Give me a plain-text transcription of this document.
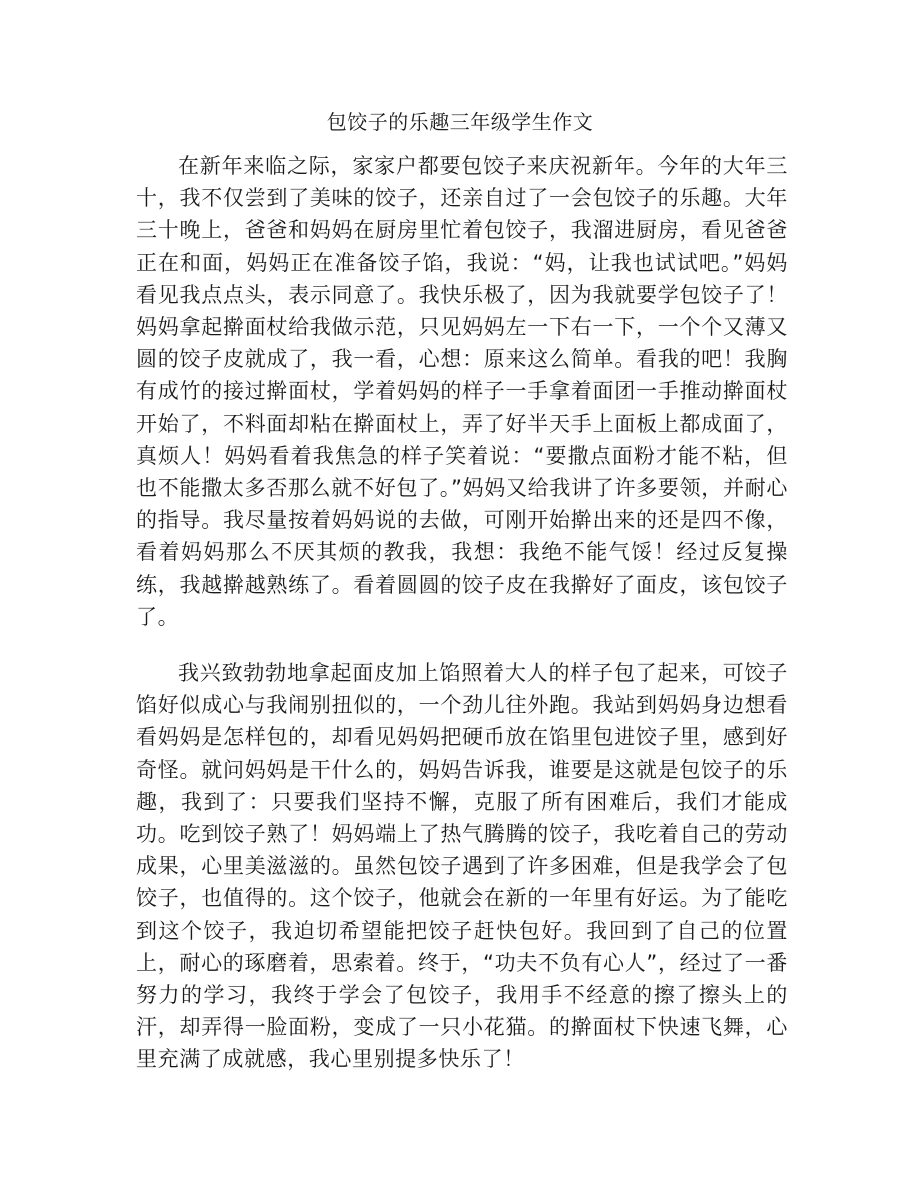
包饺子的乐趣三年级学生作文

在新年来临之际，家家户都要包饺子来庆祝新年。今年的大年三十，我不仅尝到了美味的饺子，还亲自过了一会包饺子的乐趣。大年三十晚上，爸爸和妈妈在厨房里忙着包饺子，我溜进厨房，看见爸爸正在和面，妈妈正在准备饺子馅，我说：“妈，让我也试试吧。”妈妈看见我点点头，表示同意了。我快乐极了，因为我就要学包饺子了！妈妈拿起擀面杖给我做示范，只见妈妈左一下右一下，一个个又薄又圆的饺子皮就成了，我一看，心想：原来这么简单。看我的吧！我胸有成竹的接过擀面杖，学着妈妈的样子一手拿着面团一手推动擀面杖开始了，不料面却粘在擀面杖上，弄了好半天手上面板上都成面了，真烦人！妈妈看着我焦急的样子笑着说：“要撒点面粉才能不粘，但也不能撒太多否那么就不好包了。”妈妈又给我讲了许多要领，并耐心的指导。我尽量按着妈妈说的去做，可刚开始擀出来的还是四不像，看着妈妈那么不厌其烦的教我，我想：我绝不能气馁！经过反复操练，我越擀越熟练了。看着圆圆的饺子皮在我擀好了面皮，该包饺子了。

我兴致勃勃地拿起面皮加上馅照着大人的样子包了起来，可饺子馅好似成心与我闹别扭似的，一个劲儿往外跑。我站到妈妈身边想看看妈妈是怎样包的，却看见妈妈把硬币放在馅里包进饺子里，感到好奇怪。就问妈妈是干什么的，妈妈告诉我，谁要是这就是包饺子的乐趣，我到了：只要我们坚持不懈，克服了所有困难后，我们才能成功。吃到饺子熟了！妈妈端上了热气腾腾的饺子，我吃着自己的劳动成果，心里美滋滋的。虽然包饺子遇到了许多困难，但是我学会了包饺子，也值得的。这个饺子，他就会在新的一年里有好运。为了能吃到这个饺子，我迫切希望能把饺子赶快包好。我回到了自己的位置上，耐心的琢磨着，思索着。终于，“功夫不负有心人”，经过了一番努力的学习，我终于学会了包饺子，我用手不经意的擦了擦头上的汗，却弄得一脸面粉，变成了一只小花猫。的擀面杖下快速飞舞，心里充满了成就感，我心里别提多快乐了！
